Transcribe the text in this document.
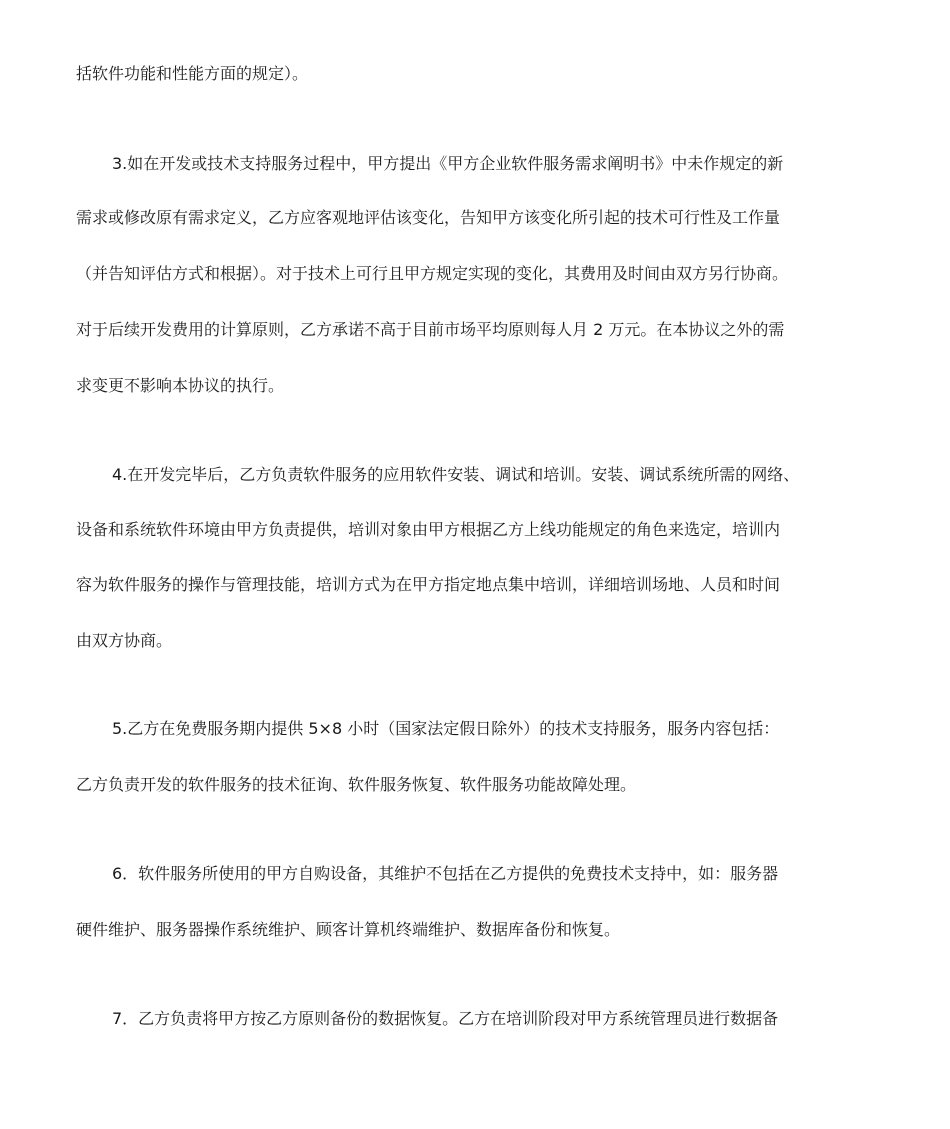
括软件功能和性能方面的规定）。
3.如在开发或技术支持服务过程中，甲方提出《甲方企业软件服务需求阐明书》中未作规定的新
需求或修改原有需求定义，乙方应客观地评估该变化，告知甲方该变化所引起的技术可行性及工作量
（并告知评估方式和根据）。对于技术上可行且甲方规定实现的变化，其费用及时间由双方另行协商。
对于后续开发费用的计算原则，乙方承诺不高于目前市场平均原则每人月 2 万元。在本协议之外的需
求变更不影响本协议的执行。
4.在开发完毕后，乙方负责软件服务的应用软件安装、调试和培训。安装、调试系统所需的网络、
设备和系统软件环境由甲方负责提供，培训对象由甲方根据乙方上线功能规定的角色来选定，培训内
容为软件服务的操作与管理技能，培训方式为在甲方指定地点集中培训，详细培训场地、人员和时间
由双方协商。
5.乙方在免费服务期内提供 5×8 小时（国家法定假日除外）的技术支持服务，服务内容包括：
乙方负责开发的软件服务的技术征询、软件服务恢复、软件服务功能故障处理。
6．软件服务所使用的甲方自购设备，其维护不包括在乙方提供的免费技术支持中，如：服务器
硬件维护、服务器操作系统维护、顾客计算机终端维护、数据库备份和恢复。
7．乙方负责将甲方按乙方原则备份的数据恢复。乙方在培训阶段对甲方系统管理员进行数据备
